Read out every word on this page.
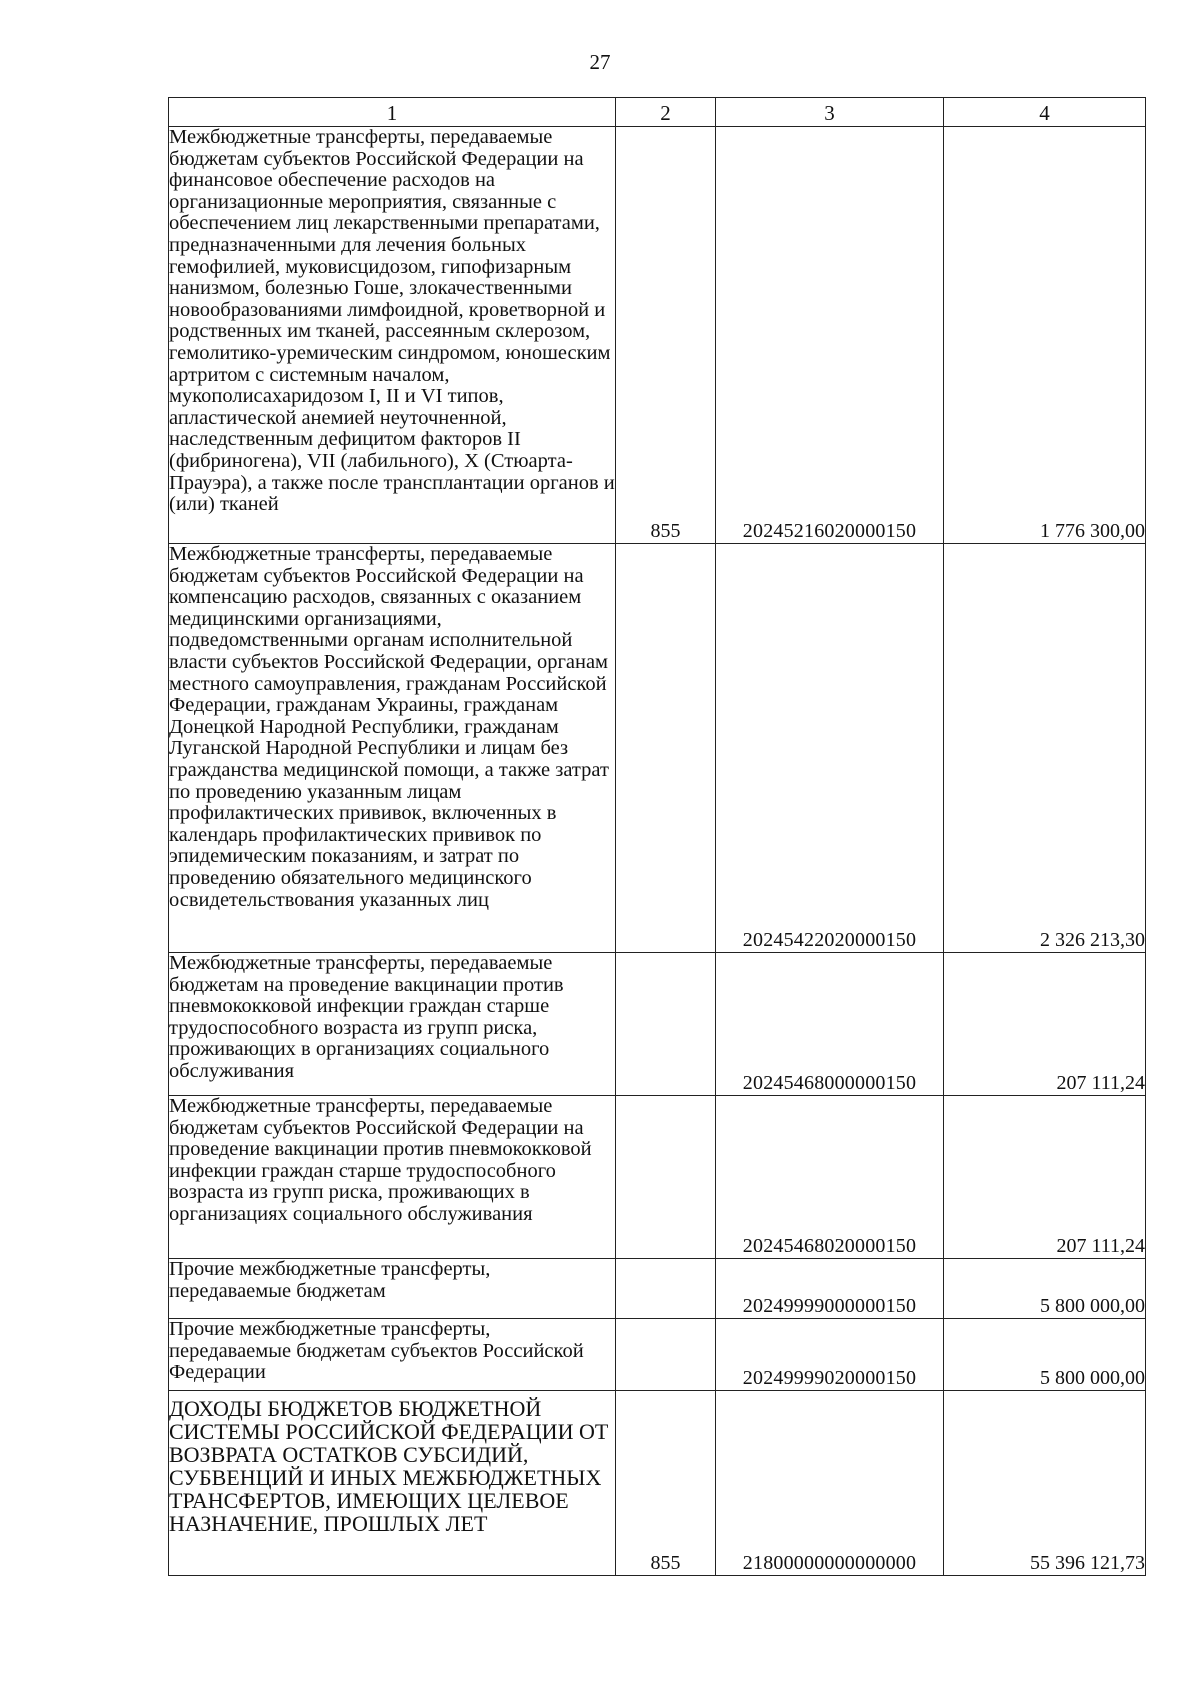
27
1	2	3	4
Межбюджетные трансферты, передаваемые бюджетам субъектов Российской Федерации на финансовое обеспечение расходов на организационные мероприятия, связанные с обеспечением лиц лекарственными препаратами, предназначенными для лечения больных гемофилией, муковисцидозом, гипофизарным нанизмом, болезнью Гоше, злокачественными новообразованиями лимфоидной, кроветворной и родственных им тканей, рассеянным склерозом, гемолитико-уремическим синдромом, юношеским артритом с системным началом, мукополисахаридозом I, II и VI типов, апластической анемией неуточненной, наследственным дефицитом факторов II (фибриногена), VII (лабильного), X (Стюарта-Прауэра), а также после трансплантации органов и (или) тканей	855	20245216020000150	1 776 300,00
Межбюджетные трансферты, передаваемые бюджетам субъектов Российской Федерации на компенсацию расходов, связанных с оказанием медицинскими организациями, подведомственными органам исполнительной власти субъектов Российской Федерации, органам местного самоуправления, гражданам Российской Федерации, гражданам Украины, гражданам Донецкой Народной Республики, гражданам Луганской Народной Республики и лицам без гражданства медицинской помощи, а также затрат по проведению указанным лицам профилактических прививок, включенных в календарь профилактических прививок по эпидемическим показаниям, и затрат по проведению обязательного медицинского освидетельствования указанных лиц		20245422020000150	2 326 213,30
Межбюджетные трансферты, передаваемые бюджетам на проведение вакцинации против пневмококковой инфекции граждан старше трудоспособного возраста из групп риска, проживающих в организациях социального обслуживания		20245468000000150	207 111,24
Межбюджетные трансферты, передаваемые бюджетам субъектов Российской Федерации на проведение вакцинации против пневмококковой инфекции граждан старше трудоспособного возраста из групп риска, проживающих в организациях социального обслуживания		20245468020000150	207 111,24
Прочие межбюджетные трансферты, передаваемые бюджетам		20249999000000150	5 800 000,00
Прочие межбюджетные трансферты, передаваемые бюджетам субъектов Российской Федерации		20249999020000150	5 800 000,00
ДОХОДЫ БЮДЖЕТОВ БЮДЖЕТНОЙ СИСТЕМЫ РОССИЙСКОЙ ФЕДЕРАЦИИ ОТ ВОЗВРАТА ОСТАТКОВ СУБСИДИЙ, СУБВЕНЦИЙ И ИНЫХ МЕЖБЮДЖЕТНЫХ ТРАНСФЕРТОВ, ИМЕЮЩИХ ЦЕЛЕВОЕ НАЗНАЧЕНИЕ, ПРОШЛЫХ ЛЕТ	855	21800000000000000	55 396 121,73
